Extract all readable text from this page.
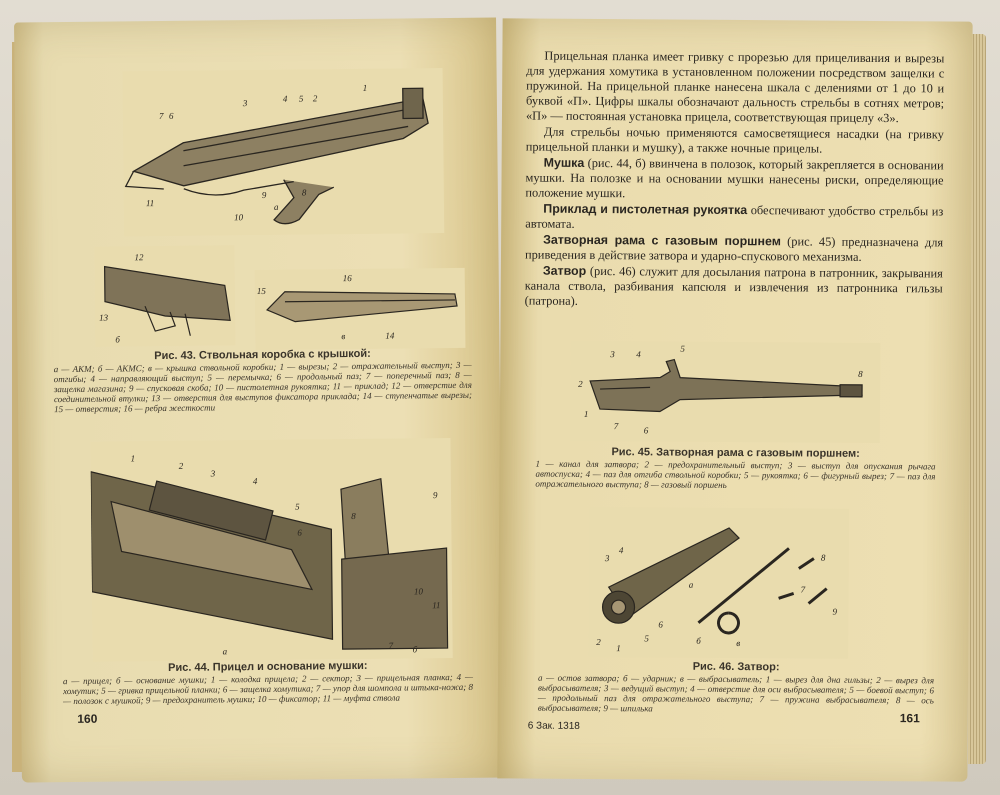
7 6
3	4 5 2
1
11
10
9	8
а
12
13
б
16
15
в	14
Рис. 43. Ствольная коробка с крышкой:
а — АКМ; б — АКМС; в — крышка ствольной коробки; 1 — вырезы; 2 — отражательный выступ; 3 — отгибы; 4 — направляющий выступ; 5 — перемычка; 6 — продольный паз; 7 — поперечный паз; 8 — защелка магазина; 9 — спусковая скоба; 10 — пистолетная рукоятка; 11 — приклад; 12 — отверстие для соединительной втулки; 13 — отверстия для выступов фиксатора приклада; 14 — ступенчатые вырезы; 15 — отверстия; 16 — ребра жесткости
1
2
3
4
5
6
9
8
10
11
7
а	б
Рис. 44. Прицел и основание мушки:
а — прицел; б — основание мушки; 1 — колодка прицела; 2 — сектор; 3 — прицельная планка; 4 — хомутик; 5 — гривка прицельной планки; 6 — защелка хомутика; 7 — упор для шомпола и штыка-ножа; 8 — полозок с мушкой; 9 — предохранитель мушки; 10 — фиксатор; 11 — муфта ствола
160

Прицельная планка имеет гривку с прорезью для прицеливания и вырезы для удержания хомутика в установленном положении посредством защелки с пружиной. На прицельной планке нанесена шкала с делениями от 1 до 10 и буквой «П». Цифры шкалы обозначают дальность стрельбы в сотнях метров; «П» — постоянная установка прицела, соответствующая прицелу «3».

Для стрельбы ночью применяются самосветящиеся насадки (на гривку прицельной планки и мушку), а также ночные прицелы.

Мушка (рис. 44, б) ввинчена в полозок, который закрепляется в основании мушки. На полозке и на основании мушки нанесены риски, определяющие положение мушки.

Приклад и пистолетная рукоятка обеспечивают удобство стрельбы из автомата.

Затворная рама с газовым поршнем (рис. 45) предназначена для приведения в действие затвора и ударно-спускового механизма.

Затвор (рис. 46) служит для досылания патрона в патронник, закрывания канала ствола, разбивания капсюля и извлечения из патронника гильзы (патрона).

3 4
5
2
1
7	6
8
Рис. 45. Затворная рама с газовым поршнем:
1 — канал для затвора; 2 — предохранительный выступ; 3 — выступ для опускания рычага автоспуска; 4 — паз для отгиба ствольной коробки; 5 — рукоятка; 6 — фигурный вырез; 7 — паз для отражательного выступа; 8 — газовый поршень
3
4
а
2
1
5
6
б	в
8
7
9
Рис. 46. Затвор:
а — остов затвора; б — ударник; в — выбрасыватель; 1 — вырез для дна гильзы; 2 — вырез для выбрасывателя; 3 — ведущий выступ; 4 — отверстие для оси выбрасывателя; 5 — боевой выступ; 6 — продольный паз для отражательного выступа; 7 — пружина выбрасывателя; 8 — ось выбрасывателя; 9 — шпилька
6 Зак. 1318
161
